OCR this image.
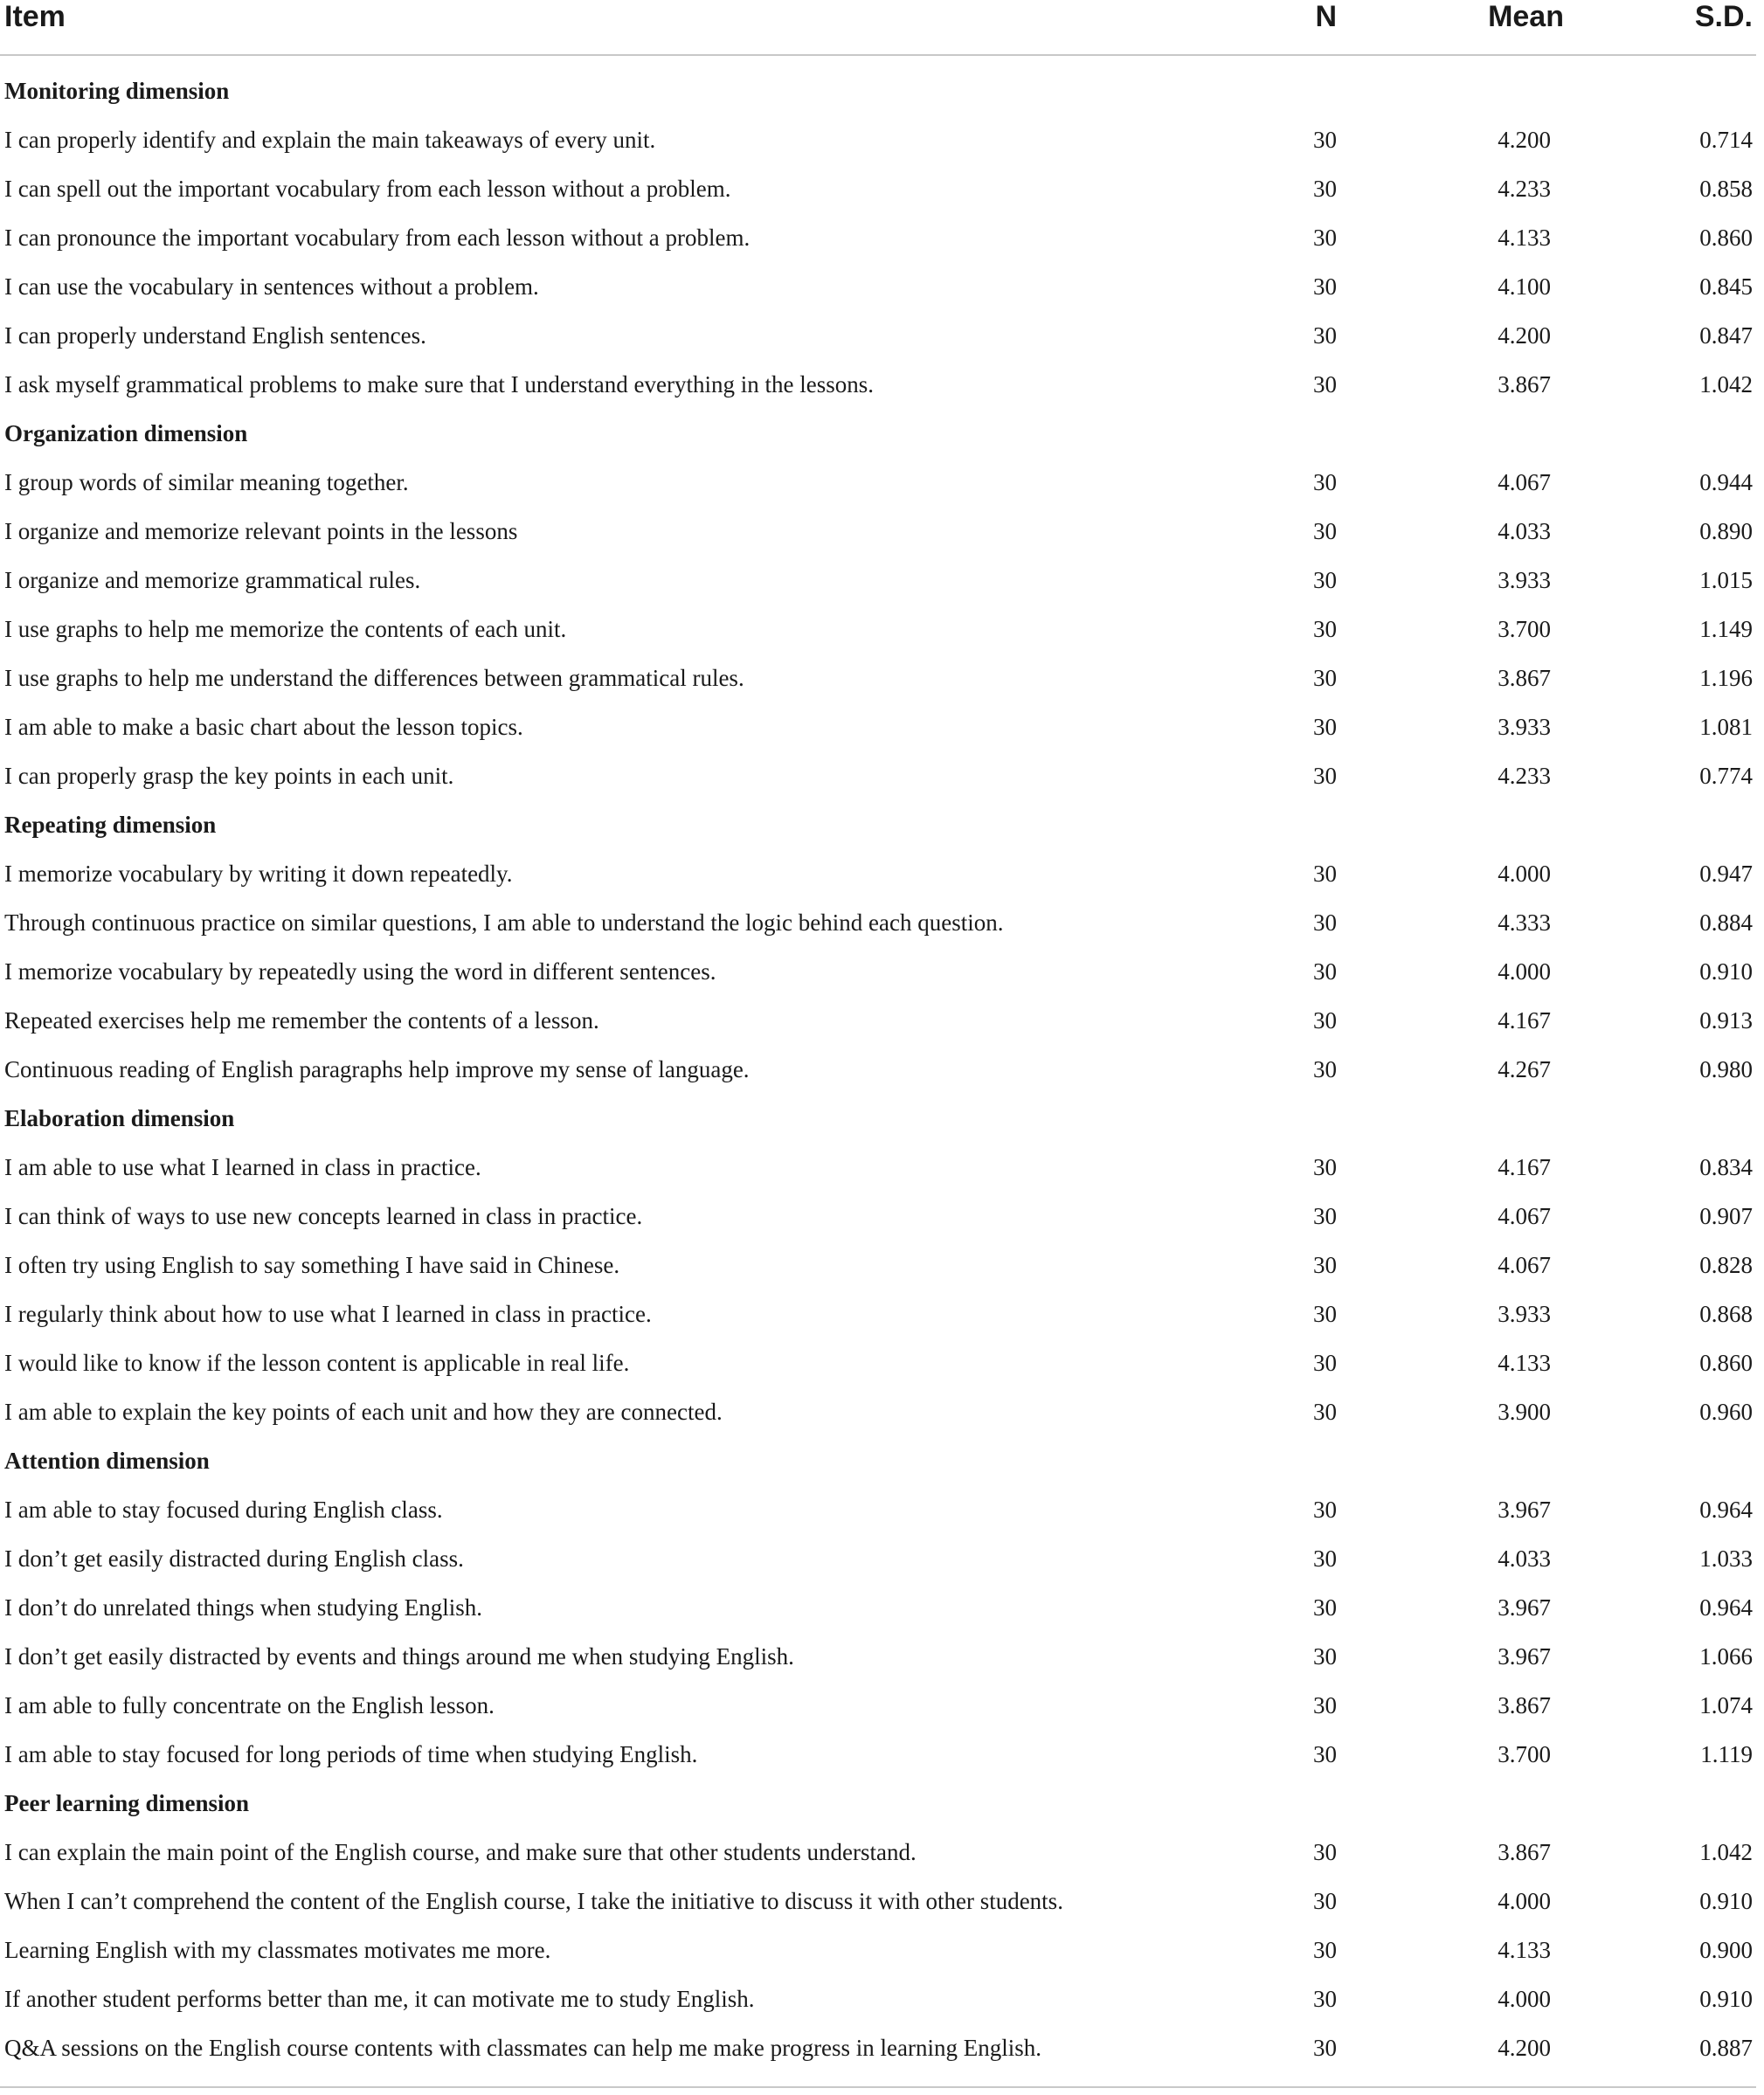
Item	N	Mean	S.D.

Monitoring dimension			
I can properly identify and explain the main takeaways of every unit.	30	4.200	0.714
I can spell out the important vocabulary from each lesson without a problem.	30	4.233	0.858
I can pronounce the important vocabulary from each lesson without a problem.	30	4.133	0.860
I can use the vocabulary in sentences without a problem.	30	4.100	0.845
I can properly understand English sentences.	30	4.200	0.847
I ask myself grammatical problems to make sure that I understand everything in the lessons.	30	3.867	1.042
Organization dimension			
I group words of similar meaning together.	30	4.067	0.944
I organize and memorize relevant points in the lessons	30	4.033	0.890
I organize and memorize grammatical rules.	30	3.933	1.015
I use graphs to help me memorize the contents of each unit.	30	3.700	1.149
I use graphs to help me understand the differences between grammatical rules.	30	3.867	1.196
I am able to make a basic chart about the lesson topics.	30	3.933	1.081
I can properly grasp the key points in each unit.	30	4.233	0.774
Repeating dimension			
I memorize vocabulary by writing it down repeatedly.	30	4.000	0.947
Through continuous practice on similar questions, I am able to understand the logic behind each question.	30	4.333	0.884
I memorize vocabulary by repeatedly using the word in different sentences.	30	4.000	0.910
Repeated exercises help me remember the contents of a lesson.	30	4.167	0.913
Continuous reading of English paragraphs help improve my sense of language.	30	4.267	0.980
Elaboration dimension			
I am able to use what I learned in class in practice.	30	4.167	0.834
I can think of ways to use new concepts learned in class in practice.	30	4.067	0.907
I often try using English to say something I have said in Chinese.	30	4.067	0.828
I regularly think about how to use what I learned in class in practice.	30	3.933	0.868
I would like to know if the lesson content is applicable in real life.	30	4.133	0.860
I am able to explain the key points of each unit and how they are connected.	30	3.900	0.960
Attention dimension			
I am able to stay focused during English class.	30	3.967	0.964
I don’t get easily distracted during English class.	30	4.033	1.033
I don’t do unrelated things when studying English.	30	3.967	0.964
I don’t get easily distracted by events and things around me when studying English.	30	3.967	1.066
I am able to fully concentrate on the English lesson.	30	3.867	1.074
I am able to stay focused for long periods of time when studying English.	30	3.700	1.119
Peer learning dimension			
I can explain the main point of the English course, and make sure that other students understand.	30	3.867	1.042
When I can’t comprehend the content of the English course, I take the initiative to discuss it with other students.	30	4.000	0.910
Learning English with my classmates motivates me more.	30	4.133	0.900
If another student performs better than me, it can motivate me to study English.	30	4.000	0.910
Q&A sessions on the English course contents with classmates can help me make progress in learning English.	30	4.200	0.887
